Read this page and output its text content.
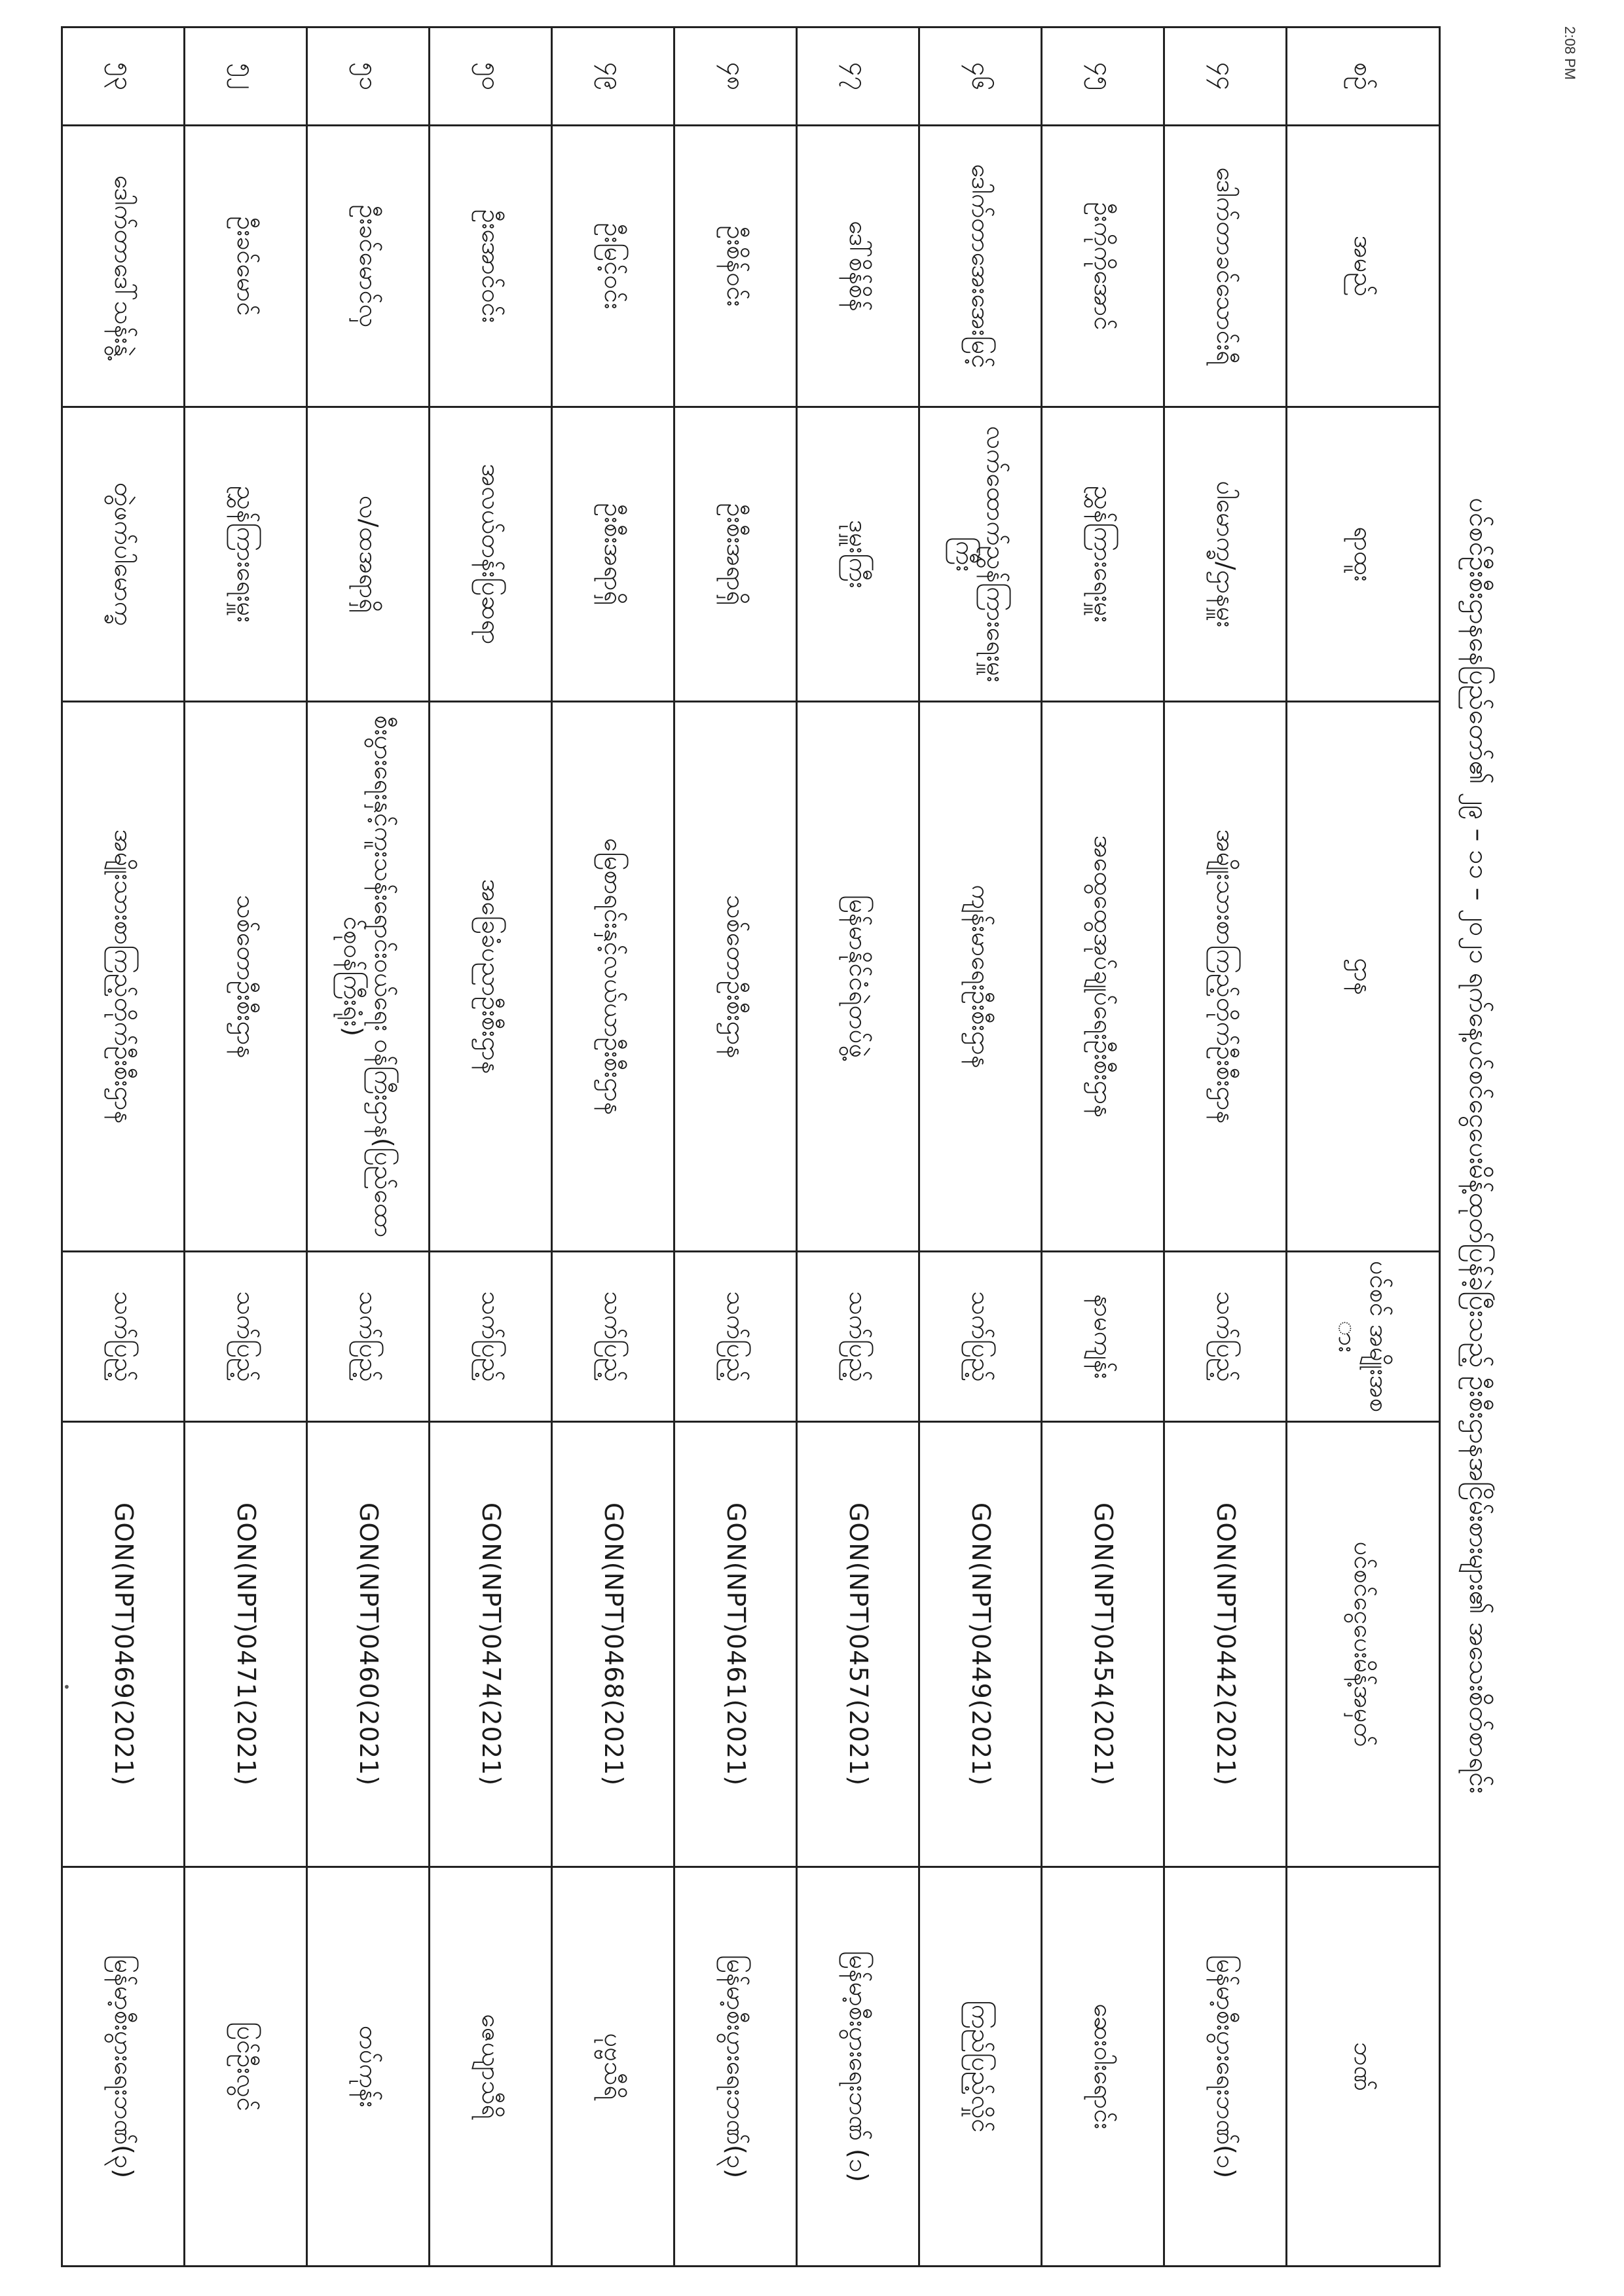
2:08 PM
•	ပင်စင်ဦးစီးဌာနနေပြည်တော်၏ ၂၉ – ၁၁ – ၂၀၂၁ ရက်နေ့ပင်စင်ငွေပေးမိန့်ထုတ်ပြန်ခဲ့ပြီးသည့် ဦးစီးဌာနအငြိမ်းစားများ၏ အသေးစိတ်စာရင်း
စဉ်	အမည်	ရာထူး	ဌာန	ပင်စင် အမျိုးအစား	ပင်စင်ငွေပေးမိန့်အမှတ်	ဘဏ်
၄၄	ဒေါက်တာခင်သောင်းရီ	ပါမောက္ခ/ဌာနမှူး	အမျိုးသားစာကြည့်တိုက်ဦးစီးဌာန	သက်ပြည့်	GON(NPT)0442(2021)	မြန်မာ့စီးပွားရေးဘဏ်(၁)
၄၅	ဦးကိုကိုအောင်	ညွှန်ကြားရေးမှူး	အထွေထွေအုပ်ချုပ်ရေးဦးစီးဌာန	နာမကျန်း	GON(NPT)0454(2021)	ဆေးဝါးရောင်း
၄၆	ဒေါက်တာအေးအေးမြင့်	လက်ထောက်ညွှန်ကြားရေးမှူးကြီး	ကျန်းမာရေးဦးစီးဌာန	သက်ပြည့်	GON(NPT)0449(2021)	ကြည်ပြည့်လှိုင်
၄၇	ဒေါ်စိန်စိန်	ဒုမှူးကြီး	မြန်မာနိုင်ငံရဲတပ်ဖွဲ့	သက်ပြည့်	GON(NPT)0457(2021)	မြန်မာ့စီးပွားရေးဘဏ် (၁)
၄၈	ဦးစိန်ဝင်း	ဦးစီးအရာရှိ	သစ်တောဦးစီးဌာန	သက်ပြည့်	GON(NPT)0461(2021)	မြန်မာ့စီးပွားရေးဘဏ်(၃)
၄၉	ဦးမြင့်ဝင်း	ဦးစီးအရာရှိ	မြေစာရင်းနှင့်လယ်ယာဦးစီးဌာန	သက်ပြည့်	GON(NPT)0468(2021)	ပုဗ္ဗသီရိ
၅၀	ဦးအောင်ဝင်း	အလယ်တန်းပြဆရာ	အခြေခံပညာဦးစီးဌာန	သက်ပြည့်	GON(NPT)0474(2021)	ဇေယျာသီရိ
၅၁	ဦးခင်မောင်လှ	လ/ထအရာရှိ	စီးပွားရေးနှင့်ကူးသန်းရောင်းဝယ်ရေး ဝန်ကြီးဌာန(ပြည်ထောင်စုဝန်ကြီးရုံး)	သက်ပြည့်	GON(NPT)0460(2021)	တပ်ကုန်း
၅၂	ဦးခင်မောင်	ညွှန်ကြားရေးမှူး	သစ်တောဦးစီးဌာန	သက်ပြည့်	GON(NPT)0471(2021)	ပြင်ဦးလွင်
၅၃	ဒေါက်တာဒေါ်သန်းနွဲ့	တွဲဖက်ပါမောက္ခ	အမျိုးသားစာကြည့်တိုက်ဦးစီးဌာန	သက်ပြည့်	GON(NPT)0469(2021)	မြန်မာ့စီးပွားရေးဘဏ်(၃)
